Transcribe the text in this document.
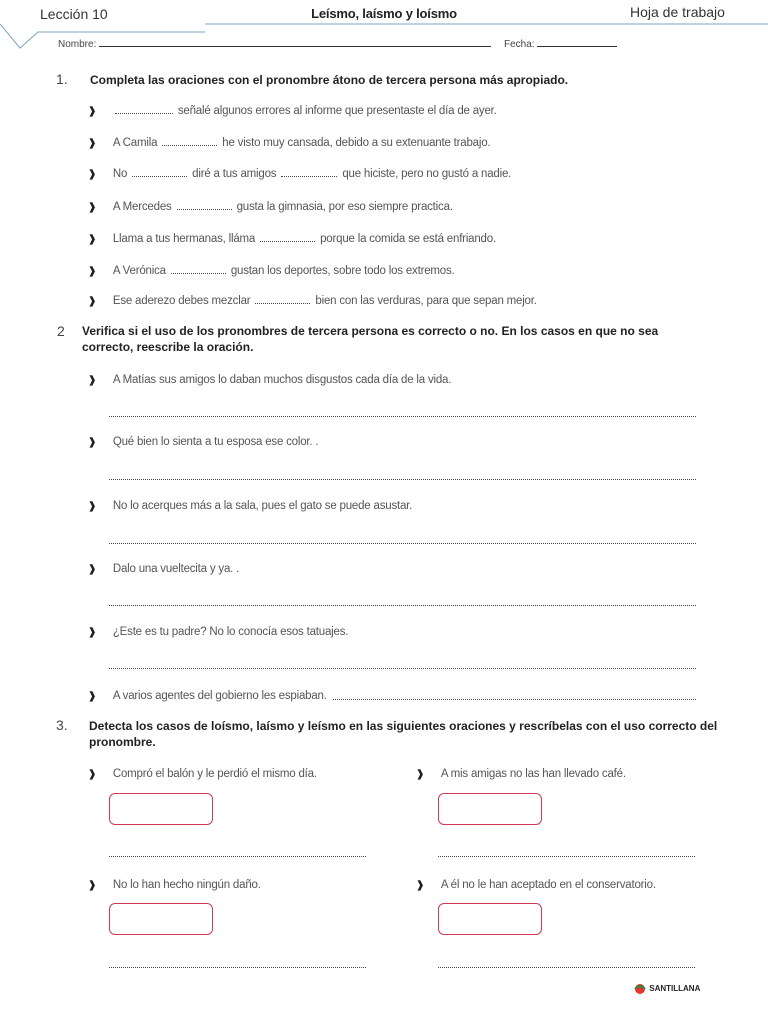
Lección 10	Leísmo, laísmo y loísmo	Hoja de trabajo
Nombre:	Fecha:
1. Completa las oraciones con el pronombre átono de tercera persona más apropiado.
❱	señalé algunos errores al informe que presentaste el día de ayer.
❱ A Camila	he visto muy cansada, debido a su extenuante trabajo.
❱ No	diré a tus amigos	que hiciste, pero no gustó a nadie.
❱ A Mercedes	gusta la gimnasia, por eso siempre practica.
❱ Llama a tus hermanas, lláma	porque la comida se está enfriando.
❱ A Verónica	gustan los deportes, sobre todo los extremos.
❱ Ese aderezo debes mezclar	bien con las verduras, para que sepan mejor.
2 Verifica si el uso de los pronombres de tercera persona es correcto o no. En los casos en que no sea
correcto, reescribe la oración.
❱ A Matías sus amigos lo daban muchos disgustos cada día de la vida.
❱ Qué bien lo sienta a tu esposa ese color. .
❱ No lo acerques más a la sala, pues el gato se puede asustar.
❱ Dalo una vueltecita y ya. .
❱ ¿Este es tu padre? No lo conocía esos tatuajes.
❱ A varios agentes del gobierno les espiaban.
3. Detecta los casos de loísmo, laísmo y leísmo en las siguientes oraciones y rescríbelas con el uso correcto del
pronombre.
❱ Compró el balón y le perdió el mismo día.	❱ A mis amigas no las han llevado café.
❱ No lo han hecho ningún daño.	❱ A él no le han aceptado en el conservatorio.
SANTILLANA
